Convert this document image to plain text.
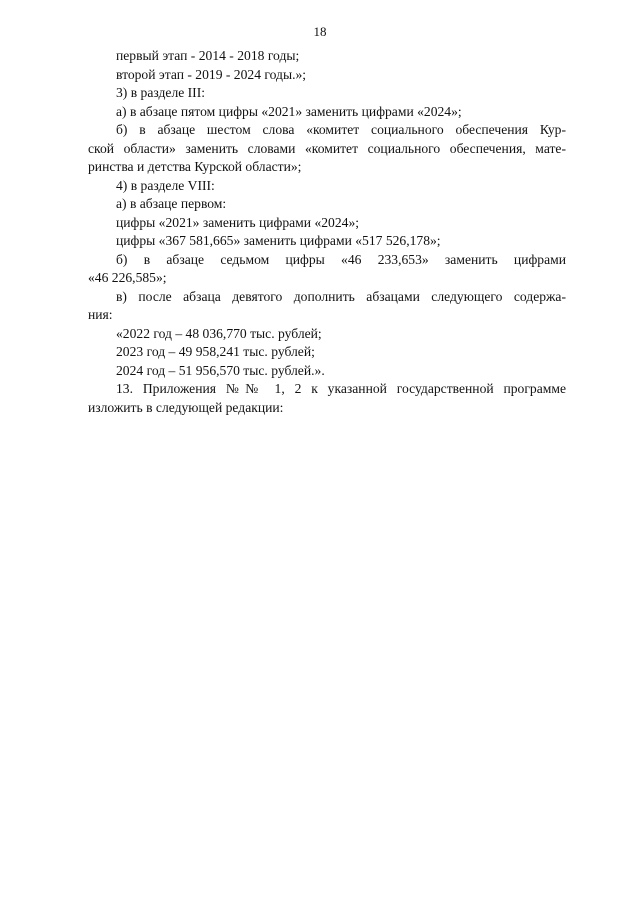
18
первый этап - 2014 - 2018 годы;
второй этап - 2019 - 2024 годы.»;
3) в разделе III:
а) в абзаце пятом цифры «2021» заменить цифрами «2024»;
б) в абзаце шестом слова «комитет социального обеспечения Кур-
ской области» заменить словами «комитет социального обеспечения, мате-
ринства и детства Курской области»;
4) в разделе VIII:
а) в абзаце первом:
цифры «2021» заменить цифрами «2024»;
цифры «367 581,665» заменить цифрами «517 526,178»;
б) в абзаце седьмом цифры «46 233,653» заменить цифрами
«46 226,585»;
в) после абзаца девятого дополнить абзацами следующего содержа-
ния:
«2022 год – 48 036,770 тыс. рублей;
2023 год – 49 958,241 тыс. рублей;
2024 год – 51 956,570 тыс. рублей.».
13. Приложения №№ 1, 2 к указанной государственной программе
изложить в следующей редакции:
